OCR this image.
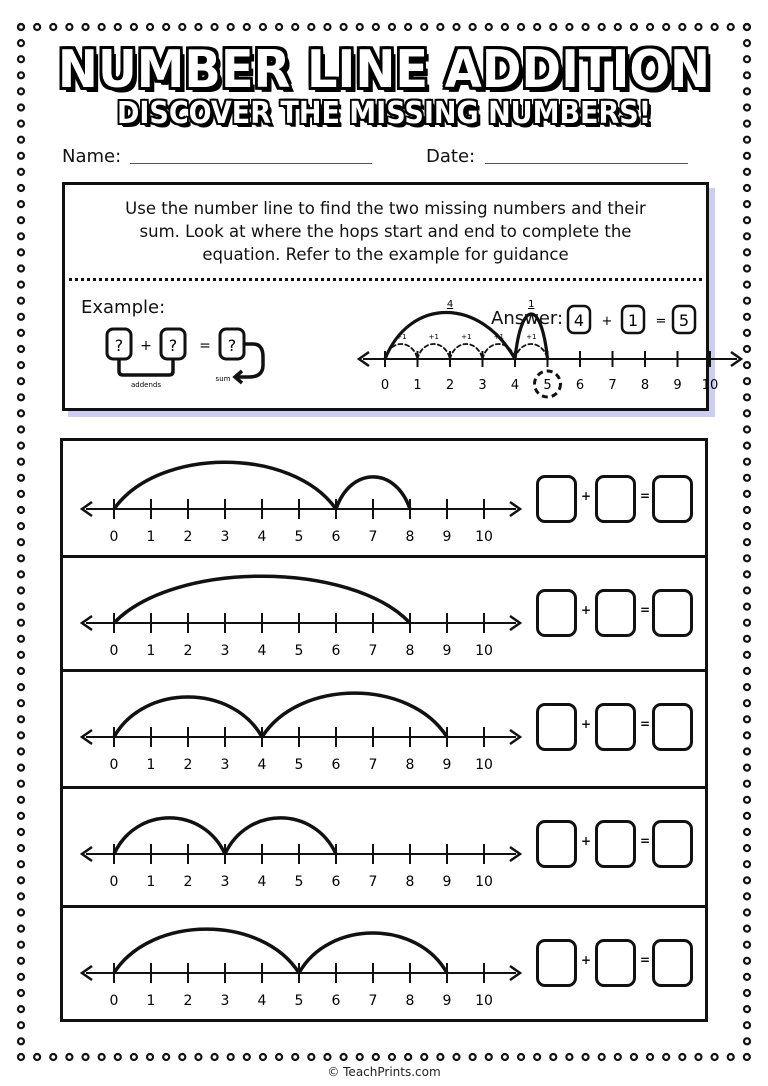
NUMBER LINE ADDITION
DISCOVER THE MISSING NUMBERS!
Name:	Date:
Use the number line to find the two missing numbers and their
sum. Look at where the hops start and end to complete the
equation. Refer to the example for guidance
Example:
?	?	?
+	=
addends
sum	0 1 2 3 4 5 6 7 8 9 10
+1	+1	+1	+1	+1
4	1
Answer: 4 + 1 = 5
0 1 2 3 4 5 6 7 8 9 10
+	=
0 1 2 3 4 5 6 7 8 9 10
+	=
0 1 2 3 4 5 6 7 8 9 10
+	=
0 1 2 3 4 5 6 7 8 9 10
+	=
0 1 2 3 4 5 6 7 8 9 10
+	=
© TeachPrints.com
